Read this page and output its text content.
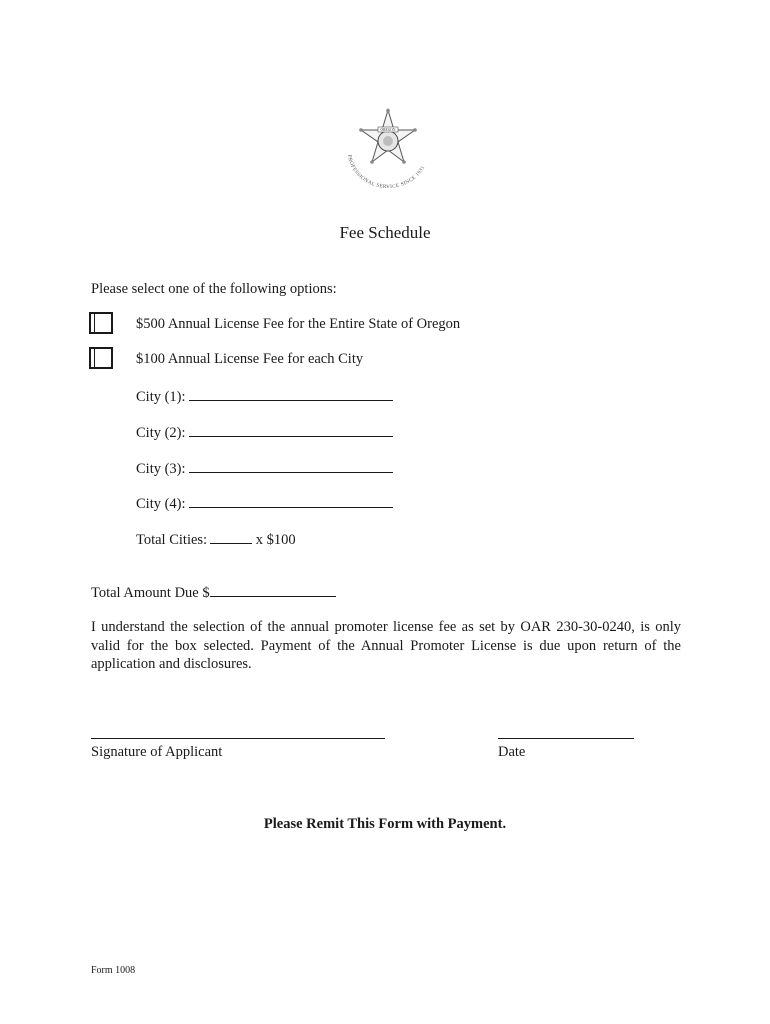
OREGON
PROFESSIONAL SERVICE SINCE 1931
Fee Schedule
Please select one of the following options:
$500 Annual License Fee for the Entire State of Oregon
$100 Annual License Fee for each City
City (1):
City (2):
City (3):
City (4):
Total Cities:	x $100
Total Amount Due $
I understand the selection of the annual promoter license fee as set by OAR 230-30-0240, is only valid for the box selected. Payment of the Annual Promoter License is due upon return of the application and disclosures.
Signature of Applicant	Date
Please Remit This Form with Payment.
Form 1008
